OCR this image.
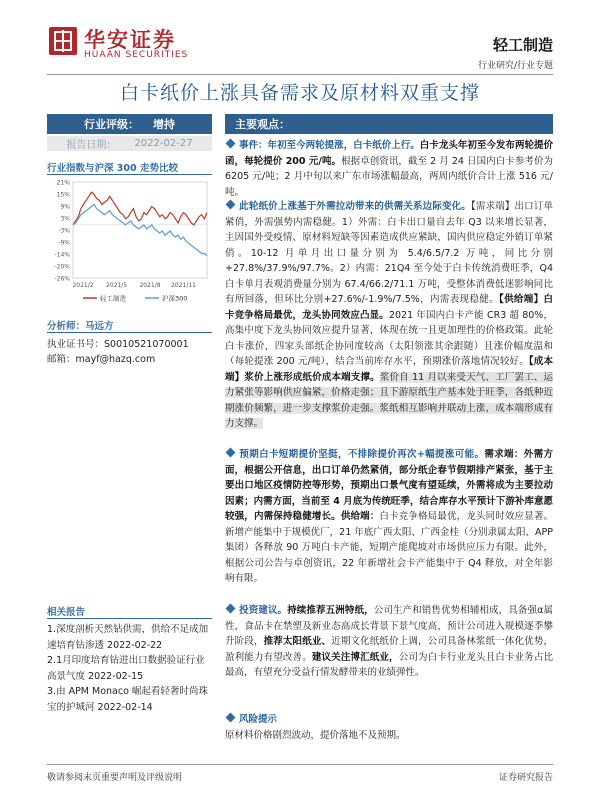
华安证券
HUAAN SECURITIES
轻工制造
行业研究/行业专题
白卡纸价上涨具备需求及原材料双重支撑
行业评级： 增持
报告日期： 2022-02-27
行业指数与沪深 300 走势比较
21%
15%
9%
3%
-3%
-9%
-14%
-20%
-26%
2021/2 2021/5 2021/8 2021/11
轻工制造	沪深300
分析师：马远方
执业证书号：S0010521070001
邮箱：mayf@hazq.com
相关报告
1.深度剖析天然钻供需，供给不足成加速培育钻渗透 2022-02-22
2.1月印度培育钻进出口数据验证行业高景气度 2022-02-15
3.由 APM Monaco 崛起看轻奢时尚珠宝的护城河 2022-02-14
主要观点：
事件：年初至今两轮提涨，白卡纸价上行。白卡龙头年初至今发布两轮提价函，每轮提价 200 元/吨。根据卓创资讯，截至 2 月 24 日国内白卡参考价为 6205 元/吨；2 月中旬以来广东市场涨幅最高，两周内纸价合计上涨 516 元/吨。
此轮纸价上涨基于外需拉动带来的供需关系边际变化。【需求端】出口订单紧俏，外需强势内需稳健。1）外需：白卡出口量自去年 Q3 以来增长显著，主因国外受疫情、原材料短缺等因素造成供应紧缺，国内供应稳定外销订单紧俏。10-12 月单月出口量分别为 5.4/6.5/7.2 万吨，同比分别+27.8%/37.9%/97.7%。2）内需：21Q4 至今处于白卡传统消费旺季，Q4 白卡单月表观消费量分别为 67.4/66.2/71.1 万吨，受整体消费低迷影响同比有所回落，但环比分别+27.6%/-1.9%/7.5%，内需表现稳健。【供给端】白卡竞争格局最优，龙头协同效应凸显。2021 年国内白卡产能 CR3 超 80%，高集中度下龙头协同效应提升显著，体现在统一且更加理性的价格政策。此轮白卡涨价，四家头部纸企协同度较高（太阳领涨其余跟随）且涨价幅度温和（每轮提涨 200 元/吨），结合当前库存水平，预期涨价落地情况较好。【成本端】浆价上涨形成纸价成本端支撑。浆价自 11 月以来受天气、工厂罢工、运力紧张等影响供应偏紧，价格走强；且下游原纸生产基本处于旺季，各纸种近期涨价频繁，进一步支撑浆价走强。浆纸相互影响并联动上涨，成本端形成有力支撑。
预期白卡短期提价坚挺，不排除提价再次+幅提涨可能。需求端：外需方面，根据公开信息，出口订单仍然紧俏，部分纸企春节假期排产紧张，基于主要出口地区疫情防控等形势，预期出口景气度有望延续，外需将成为主要拉动因素；内需方面，当前至 4 月底为传统旺季，结合库存水平预计下游补库意愿较强，内需保持稳健增长。供给端：白卡竞争格局最优，龙头同时效应显著。新增产能集中于规模优厂，21 年底广西太阳、广西金桂（分别隶属太阳、APP 集团）各释放 90 万吨白卡产能，短期产能爬坡对市场供应压力有限。此外，根据公司公告与卓创资讯，22 年新增社会卡产能集中于 Q4 释放，对全年影响有限。
投资建议。持续推荐五洲特纸，公司生产和销售优势相辅相成，具备强α属性，食品卡在禁塑及新业态高成长背景下景气度高，预计公司进入规模逐季攀升阶段，推荐太阳纸业、近期文化纸纸价上调，公司具备林浆纸一体化优势，盈利能力有望改善。建议关注博汇纸业，公司为白卡行业龙头且白卡业务占比最高，有望充分受益行情发酵带来的业绩弹性。
风险提示
原材料价格剧烈波动，提价落地不及预期。
敬请参阅末页重要声明及评级说明	证券研究报告
